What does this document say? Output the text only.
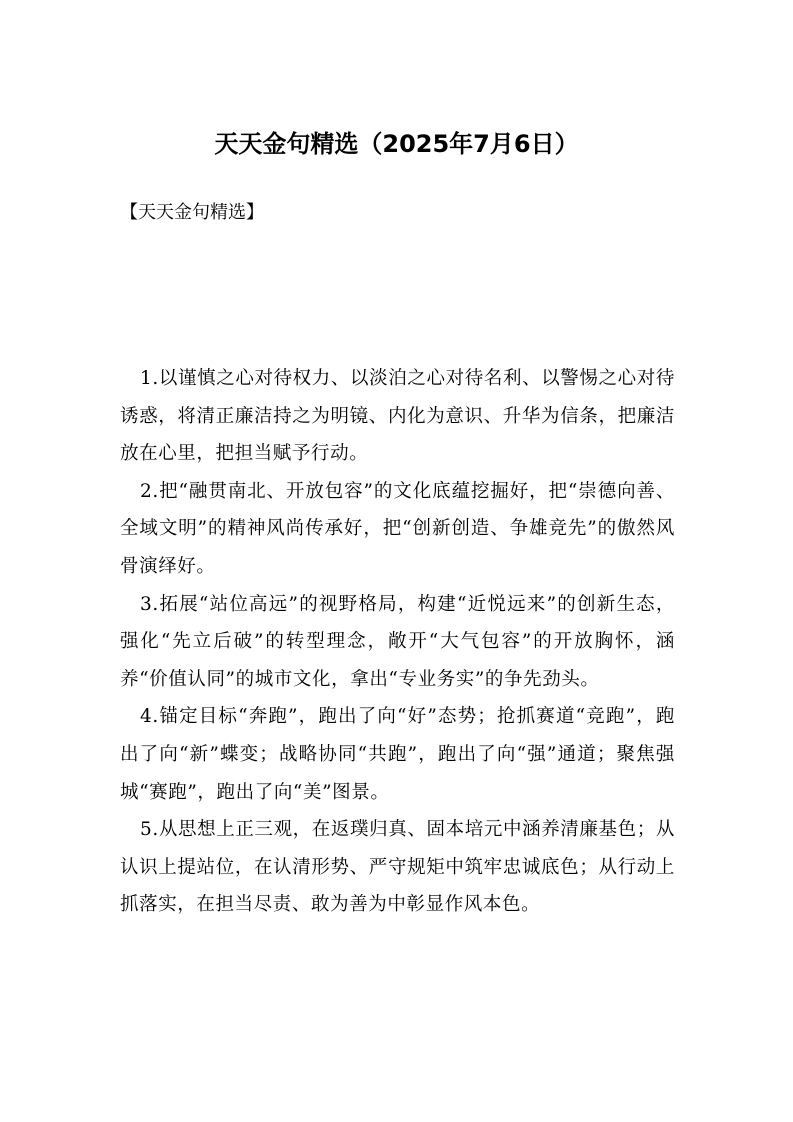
天天金句精选（2025年7月6日）

【天天金句精选】

1.以谨慎之心对待权力、以淡泊之心对待名利、以警惕之心对待诱惑，将清正廉洁持之为明镜、内化为意识、升华为信条，把廉洁放在心里，把担当赋予行动。

2.把“融贯南北、开放包容”的文化底蕴挖掘好，把“崇德向善、全域文明”的精神风尚传承好，把“创新创造、争雄竞先”的傲然风骨演绎好。

3.拓展“站位高远”的视野格局，构建“近悦远来”的创新生态，强化“先立后破”的转型理念，敞开“大气包容”的开放胸怀，涵养“价值认同”的城市文化，拿出“专业务实”的争先劲头。

4.锚定目标“奔跑”，跑出了向“好”态势；抢抓赛道“竞跑”，跑出了向“新”蝶变；战略协同“共跑”，跑出了向“强”通道；聚焦强城“赛跑”，跑出了向“美”图景。

5.从思想上正三观，在返璞归真、固本培元中涵养清廉基色；从认识上提站位，在认清形势、严守规矩中筑牢忠诚底色；从行动上抓落实，在担当尽责、敢为善为中彰显作风本色。
